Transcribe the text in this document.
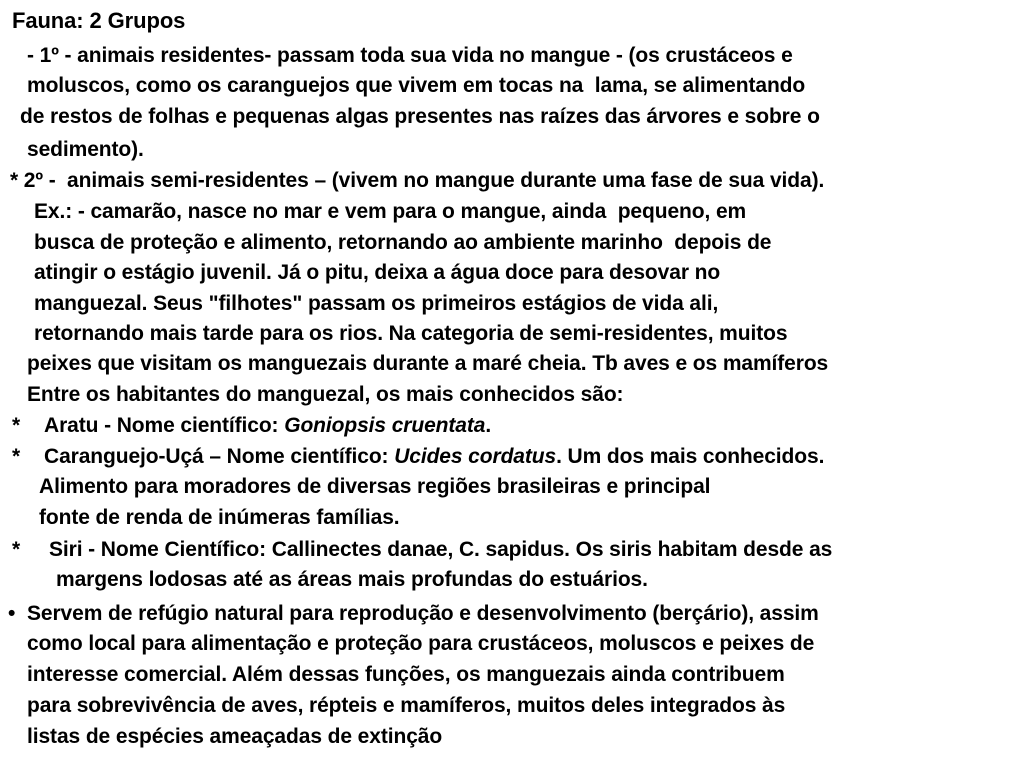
Fauna: 2 Grupos
- 1º - animais residentes- passam toda sua vida no mangue - (os crustáceos e
moluscos, como os caranguejos que vivem em tocas na  lama, se alimentando
de restos de folhas e pequenas algas presentes nas raízes das árvores e sobre o
sedimento).
* 2º -  animais semi-residentes – (vivem no mangue durante uma fase de sua vida).
Ex.: - camarão, nasce no mar e vem para o mangue, ainda  pequeno, em
busca de proteção e alimento, retornando ao ambiente marinho  depois de
atingir o estágio juvenil. Já o pitu, deixa a água doce para desovar no
manguezal. Seus "filhotes" passam os primeiros estágios de vida ali,
retornando mais tarde para os rios. Na categoria de semi-residentes, muitos
peixes que visitam os manguezais durante a maré cheia. Tb aves e os mamíferos
Entre os habitantes do manguezal, os mais conhecidos são:
* Aratu - Nome científico: Goniopsis cruentata.
* Caranguejo-Uçá – Nome científico: Ucides cordatus. Um dos mais conhecidos.
Alimento para moradores de diversas regiões brasileiras e principal
fonte de renda de inúmeras famílias.
* Siri - Nome Científico: Callinectes danae, C. sapidus. Os siris habitam desde as
margens lodosas até as áreas mais profundas do estuários.
• Servem de refúgio natural para reprodução e desenvolvimento (berçário), assim
como local para alimentação e proteção para crustáceos, moluscos e peixes de
interesse comercial. Além dessas funções, os manguezais ainda contribuem
para sobrevivência de aves, répteis e mamíferos, muitos deles integrados às
listas de espécies ameaçadas de extinção
